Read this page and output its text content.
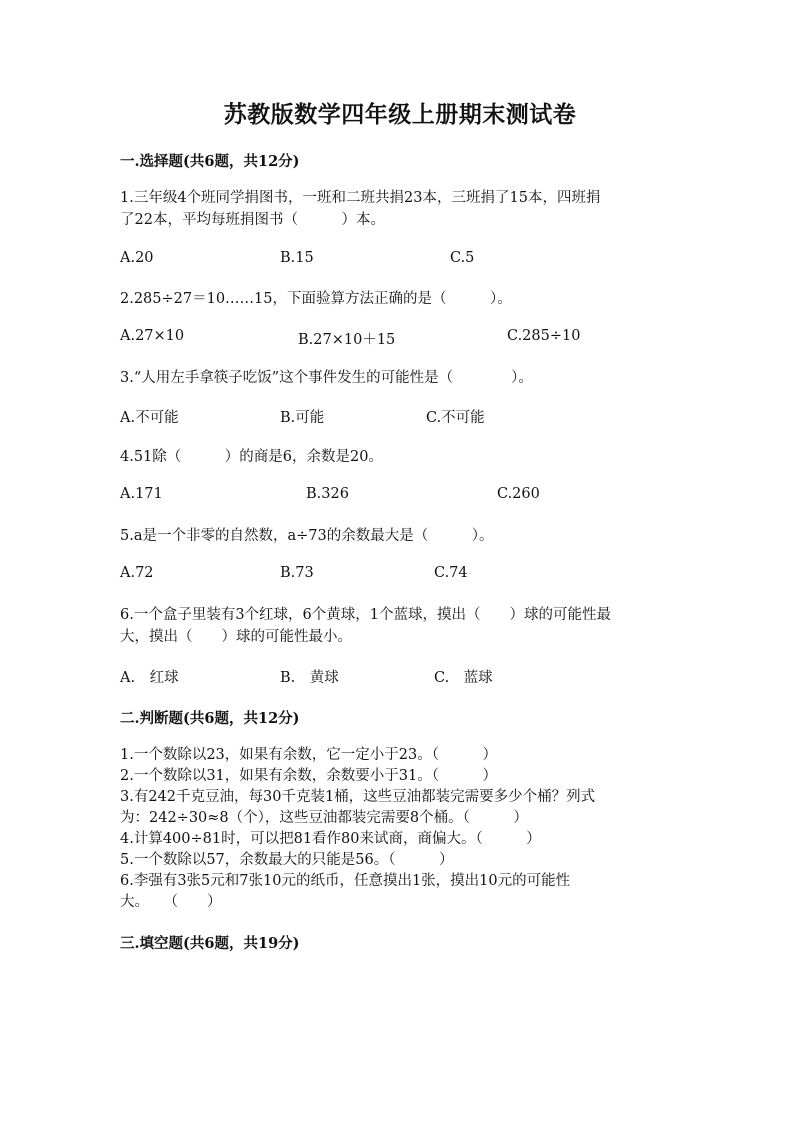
苏教版数学四年级上册期末测试卷
一.选择题(共6题，共12分)
1.三年级4个班同学捐图书，一班和二班共捐23本，三班捐了15本，四班捐
了22本，平均每班捐图书（　　　）本。
A.20	B.15	C.5
2.285÷27＝10……15，下面验算方法正确的是（　　　）。
A.27×10	B.27×10＋15	C.285÷10
3.“人用左手拿筷子吃饭”这个事件发生的可能性是（　　　　）。
A.不可能	B.可能	C.不可能
4.51除（　　　）的商是6，余数是20。
A.171	B.326	C.260
5.a是一个非零的自然数，a÷73的余数最大是（　　　）。
A.72	B.73	C.74
6.一个盒子里装有3个红球，6个黄球，1个蓝球，摸出（　　）球的可能性最
大，摸出（　　）球的可能性最小。
A.　红球	B.　黄球	C.　蓝球
二.判断题(共6题，共12分)
1.一个数除以23，如果有余数，它一定小于23。（　　　）
2.一个数除以31，如果有余数，余数要小于31。（　　　）
3.有242千克豆油，每30千克装1桶，这些豆油都装完需要多少个桶？列式
为：242÷30≈8（个），这些豆油都装完需要8个桶。（　　　）
4.计算400÷81时，可以把81看作80来试商，商偏大。（　　　）
5.一个数除以57，余数最大的只能是56。（　　　）
6.李强有3张5元和7张10元的纸币，任意摸出1张，摸出10元的可能性
大。　　（　　）
三.填空题(共6题，共19分)
